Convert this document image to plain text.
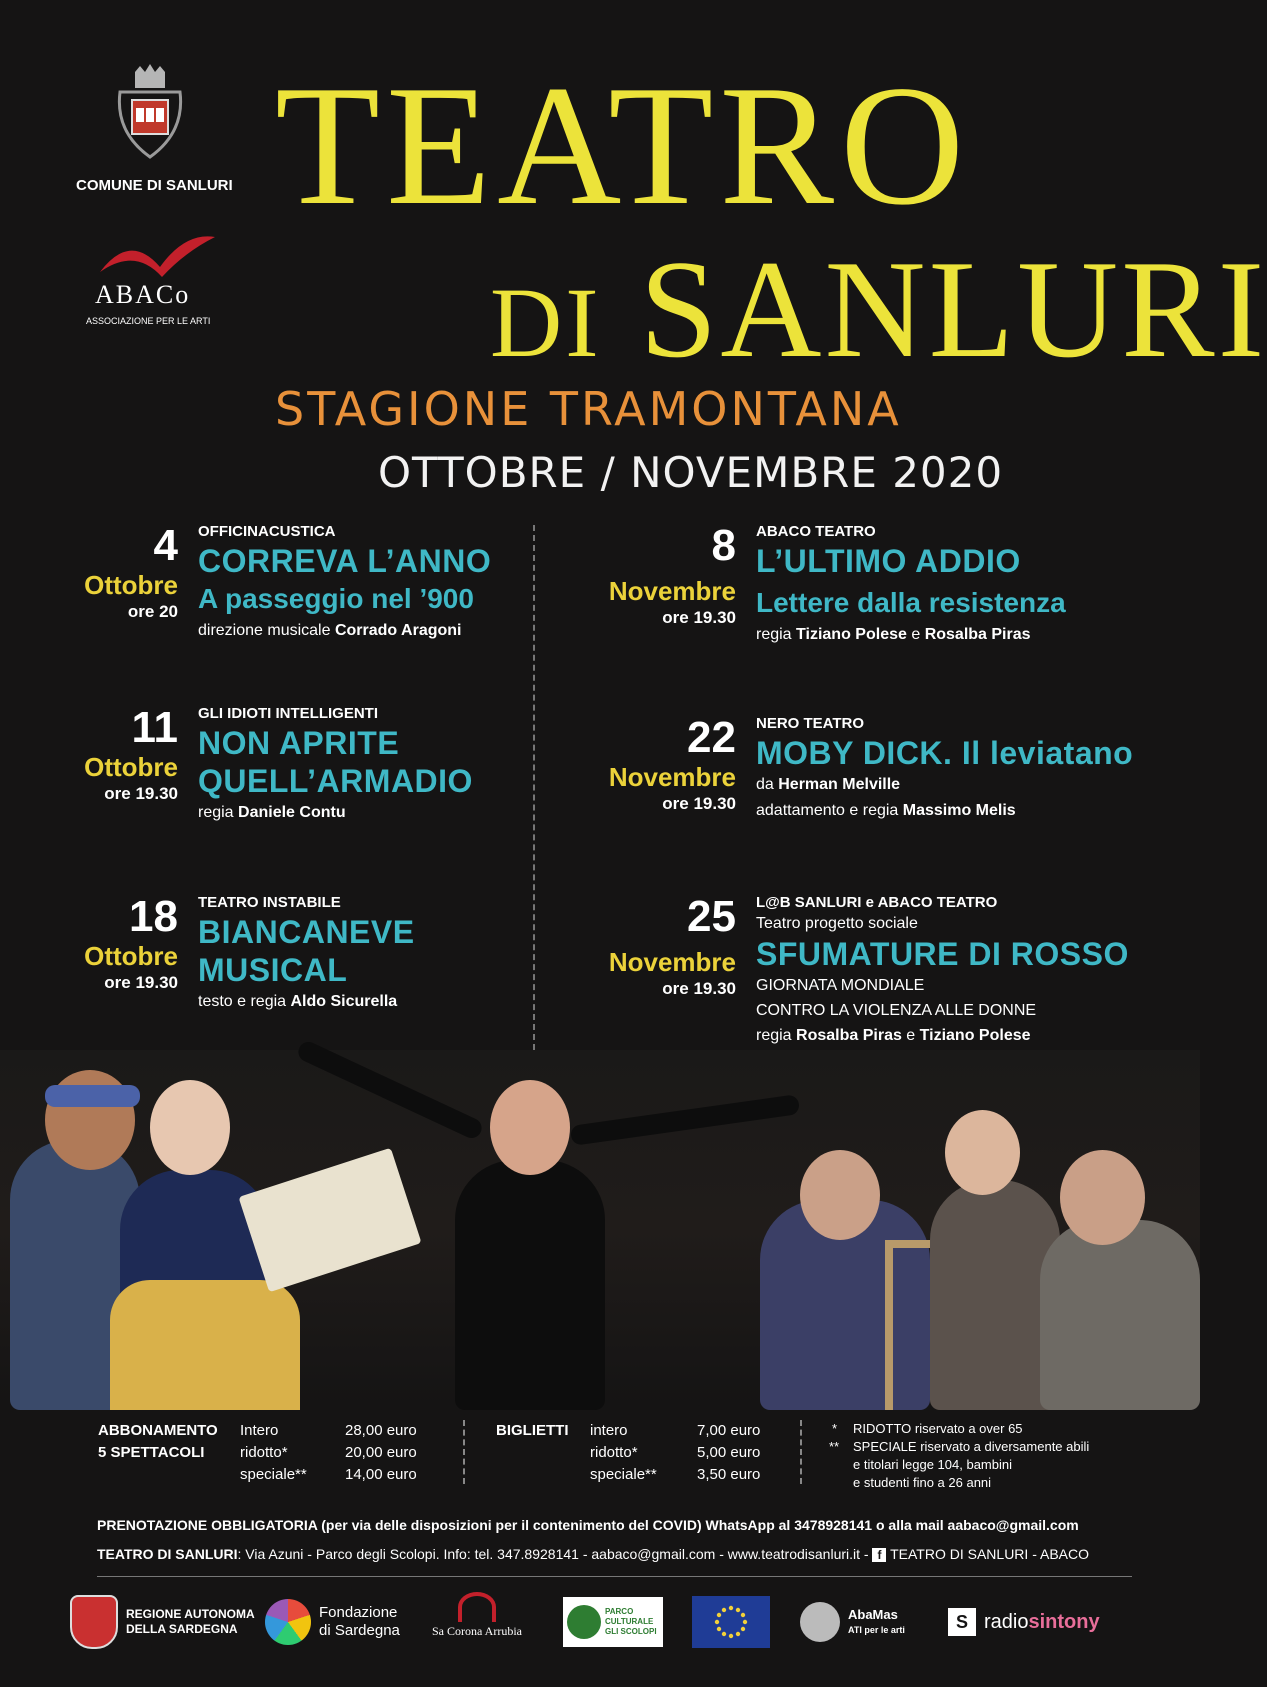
COMUNE DI SANLURI
ABACo
ASSOCIAZIONE PER LE ARTI
TEATRO
DI SANLURI
STAGIONE TRAMONTANA
OTTOBRE / NOVEMBRE 2020
4
Ottobre
ore 20
OFFICINACUSTICA
CORREVA L’ANNO
A passeggio nel ’900
direzione musicale Corrado Aragoni
11
Ottobre
ore 19.30
GLI IDIOTI INTELLIGENTI
NON APRITE
QUELL’ARMADIO
regia Daniele Contu
18
Ottobre
ore 19.30
TEATRO INSTABILE
BIANCANEVE
MUSICAL
testo e regia Aldo Sicurella
8
Novembre
ore 19.30
ABACO TEATRO
L’ULTIMO ADDIO
Lettere dalla resistenza
regia Tiziano Polese e Rosalba Piras
22
Novembre
ore 19.30
NERO TEATRO
MOBY DICK. Il leviatano
da Herman Melville
adattamento e regia Massimo Melis
25
Novembre
ore 19.30
L@B SANLURI e ABACO TEATRO
Teatro progetto sociale
SFUMATURE DI ROSSO
GIORNATA MONDIALE
CONTRO LA VIOLENZA ALLE DONNE
regia Rosalba Piras e Tiziano Polese
ABBONAMENTO
5 SPETTACOLI
Intero
ridotto*
speciale**
28,00 euro
20,00 euro
14,00 euro
BIGLIETTI intero
ridotto*
speciale**
7,00 euro
5,00 euro
3,50 euro
* RIDOTTO riservato a over 65
** SPECIALE riservato a diversamente abili
e titolari legge 104, bambini
e studenti fino a 26 anni
PRENOTAZIONE OBBLIGATORIA (per via delle disposizioni per il contenimento del COVID) WhatsApp al 3478928141 o alla mail aabaco@gmail.com
TEATRO DI SANLURI: Via Azuni - Parco degli Scolopi. Info: tel. 347.8928141 - aabaco@gmail.com - www.teatrodisanluri.it - f TEATRO DI SANLURI - ABACO
REGIONE AUTONOMA
DELLA SARDEGNA
Fondazione
di Sardegna	Sa Corona Arrubia
PARCO
CULTURALE
GLI SCOLOPI
AbaMas
ATI per le arti	S radiosintony
